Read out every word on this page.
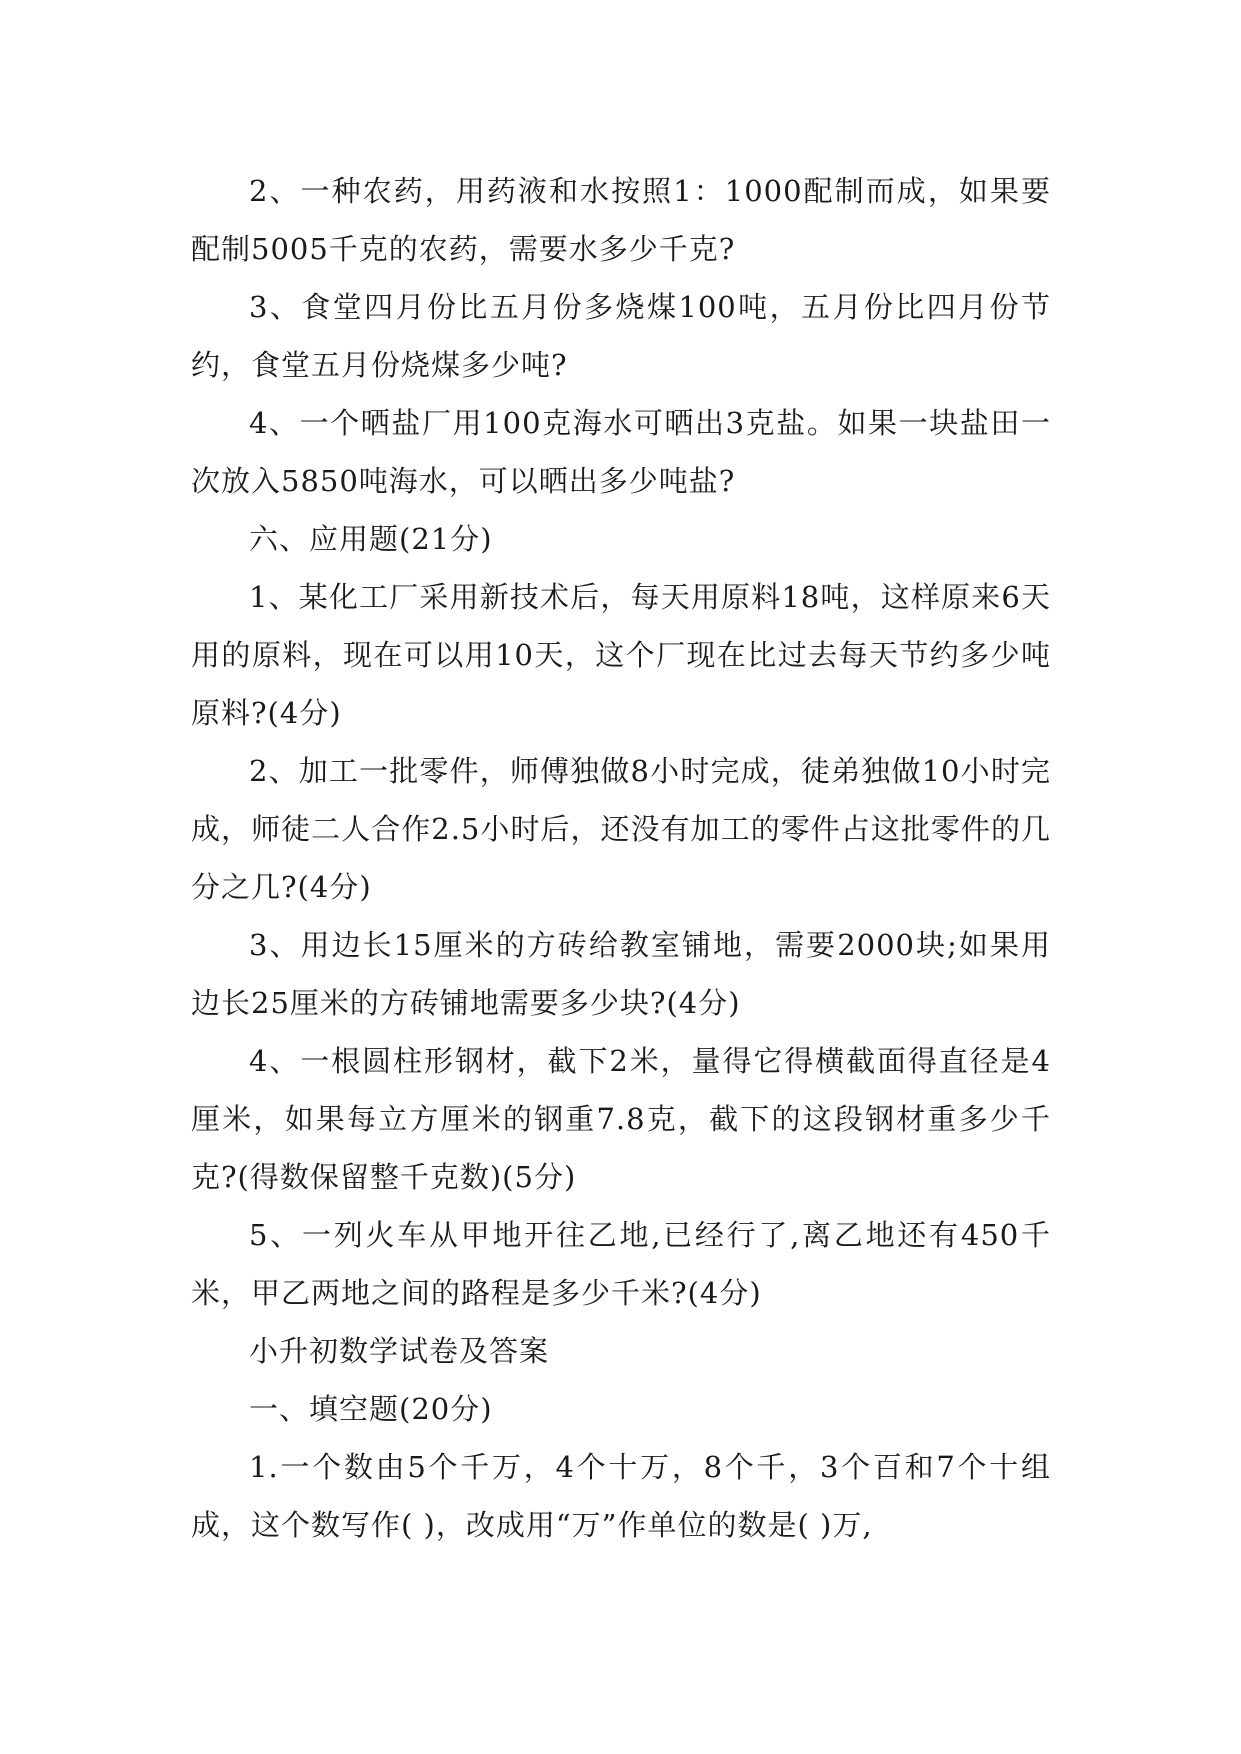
2、一种农药，用药液和水按照1：1000配制而成，如果要配制5005千克的农药，需要水多少千克?

3、食堂四月份比五月份多烧煤100吨，五月份比四月份节约，食堂五月份烧煤多少吨?

4、一个晒盐厂用100克海水可晒出3克盐。如果一块盐田一次放入5850吨海水，可以晒出多少吨盐?

六、应用题(21分)

1、某化工厂采用新技术后，每天用原料18吨，这样原来6天用的原料，现在可以用10天，这个厂现在比过去每天节约多少吨原料?(4分)

2、加工一批零件，师傅独做8小时完成，徒弟独做10小时完成，师徒二人合作2.5小时后，还没有加工的零件占这批零件的几分之几?(4分)

3、用边长15厘米的方砖给教室铺地，需要2000块;如果用边长25厘米的方砖铺地需要多少块?(4分)

4、一根圆柱形钢材，截下2米，量得它得横截面得直径是4厘米，如果每立方厘米的钢重7.8克，截下的这段钢材重多少千克?(得数保留整千克数)(5分)

5、一列火车从甲地开往乙地,已经行了,离乙地还有450千米，甲乙两地之间的路程是多少千米?(4分)

小升初数学试卷及答案

一、填空题(20分)

1.一个数由5个千万，4个十万，8个千，3个百和7个十组成，这个数写作( )，改成用“万”作单位的数是( )万,
